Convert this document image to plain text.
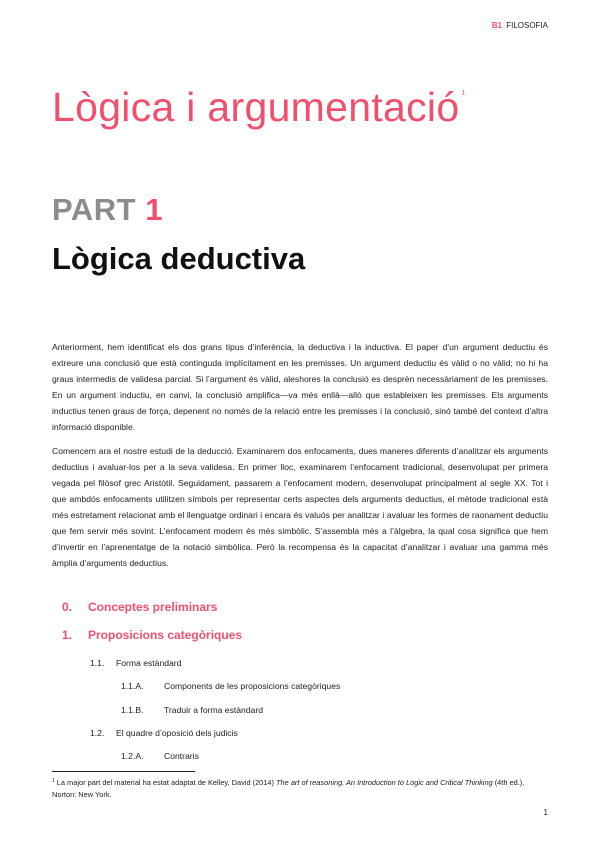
B1 FILOSOFIA
Lògica i argumentació $^1$
PART 1
Lògica deductiva

Anteriorment, hem identificat els dos grans tipus d’inferència, la deductiva i la inductiva. El paper d’un argument deductiu és extreure una conclusió que està continguda implícitament en les premisses. Un argument deductiu és vàlid o no vàlid; no hi ha graus intermedis de validesa parcial. Si l’argument és vàlid, aleshores la conclusió es desprèn necessàriament de les premisses. En un argument inductiu, en canvi, la conclusió amplifica—va més enllà—allò que estableixen les premisses. Els arguments inductius tenen graus de força, depenent no només de la relació entre les premisses i la conclusió, sinó també del context d’altra informació disponible.

Comencem ara el nostre estudi de la deducció. Examinarem dos enfocaments, dues maneres diferents d’analitzar els arguments deductius i avaluar-los per a la seva validesa. En primer lloc, examinarem l’enfocament tradicional, desenvolupat per primera vegada pel filòsof grec Aristòtil. Seguidament, passarem a l’enfocament modern, desenvolupat principalment al segle XX. Tot i que ambdós enfocaments utilitzen símbols per representar certs aspectes dels arguments deductius, el mètode tradicional està més estretament relacionat amb el llenguatge ordinari i encara és valuós per analitzar i avaluar les formes de raonament deductiu que fem servir més sovint. L’enfocament modern és més simbòlic. S’assembla més a l’àlgebra, la qual cosa significa que hem d’invertir en l’aprenentatge de la notació simbòlica. Però la recompensa és la capacitat d’analitzar i avaluar una gamma més àmplia d’arguments deductius.

0. Conceptes preliminars
1. Proposicions categòriques
1.1. Forma estàndard
1.1.A. Components de les proposicions categòriques
1.1.B. Traduir a forma estàndard
1.2. El quadre d’oposició dels judicis
1.2.A. Contraris
$^1$ La major part del material ha estat adaptat de Kelley, David (2014) The art of reasoning. An Introduction to Logic and Critical Thinking (4th ed.), Norton: New York.
1
